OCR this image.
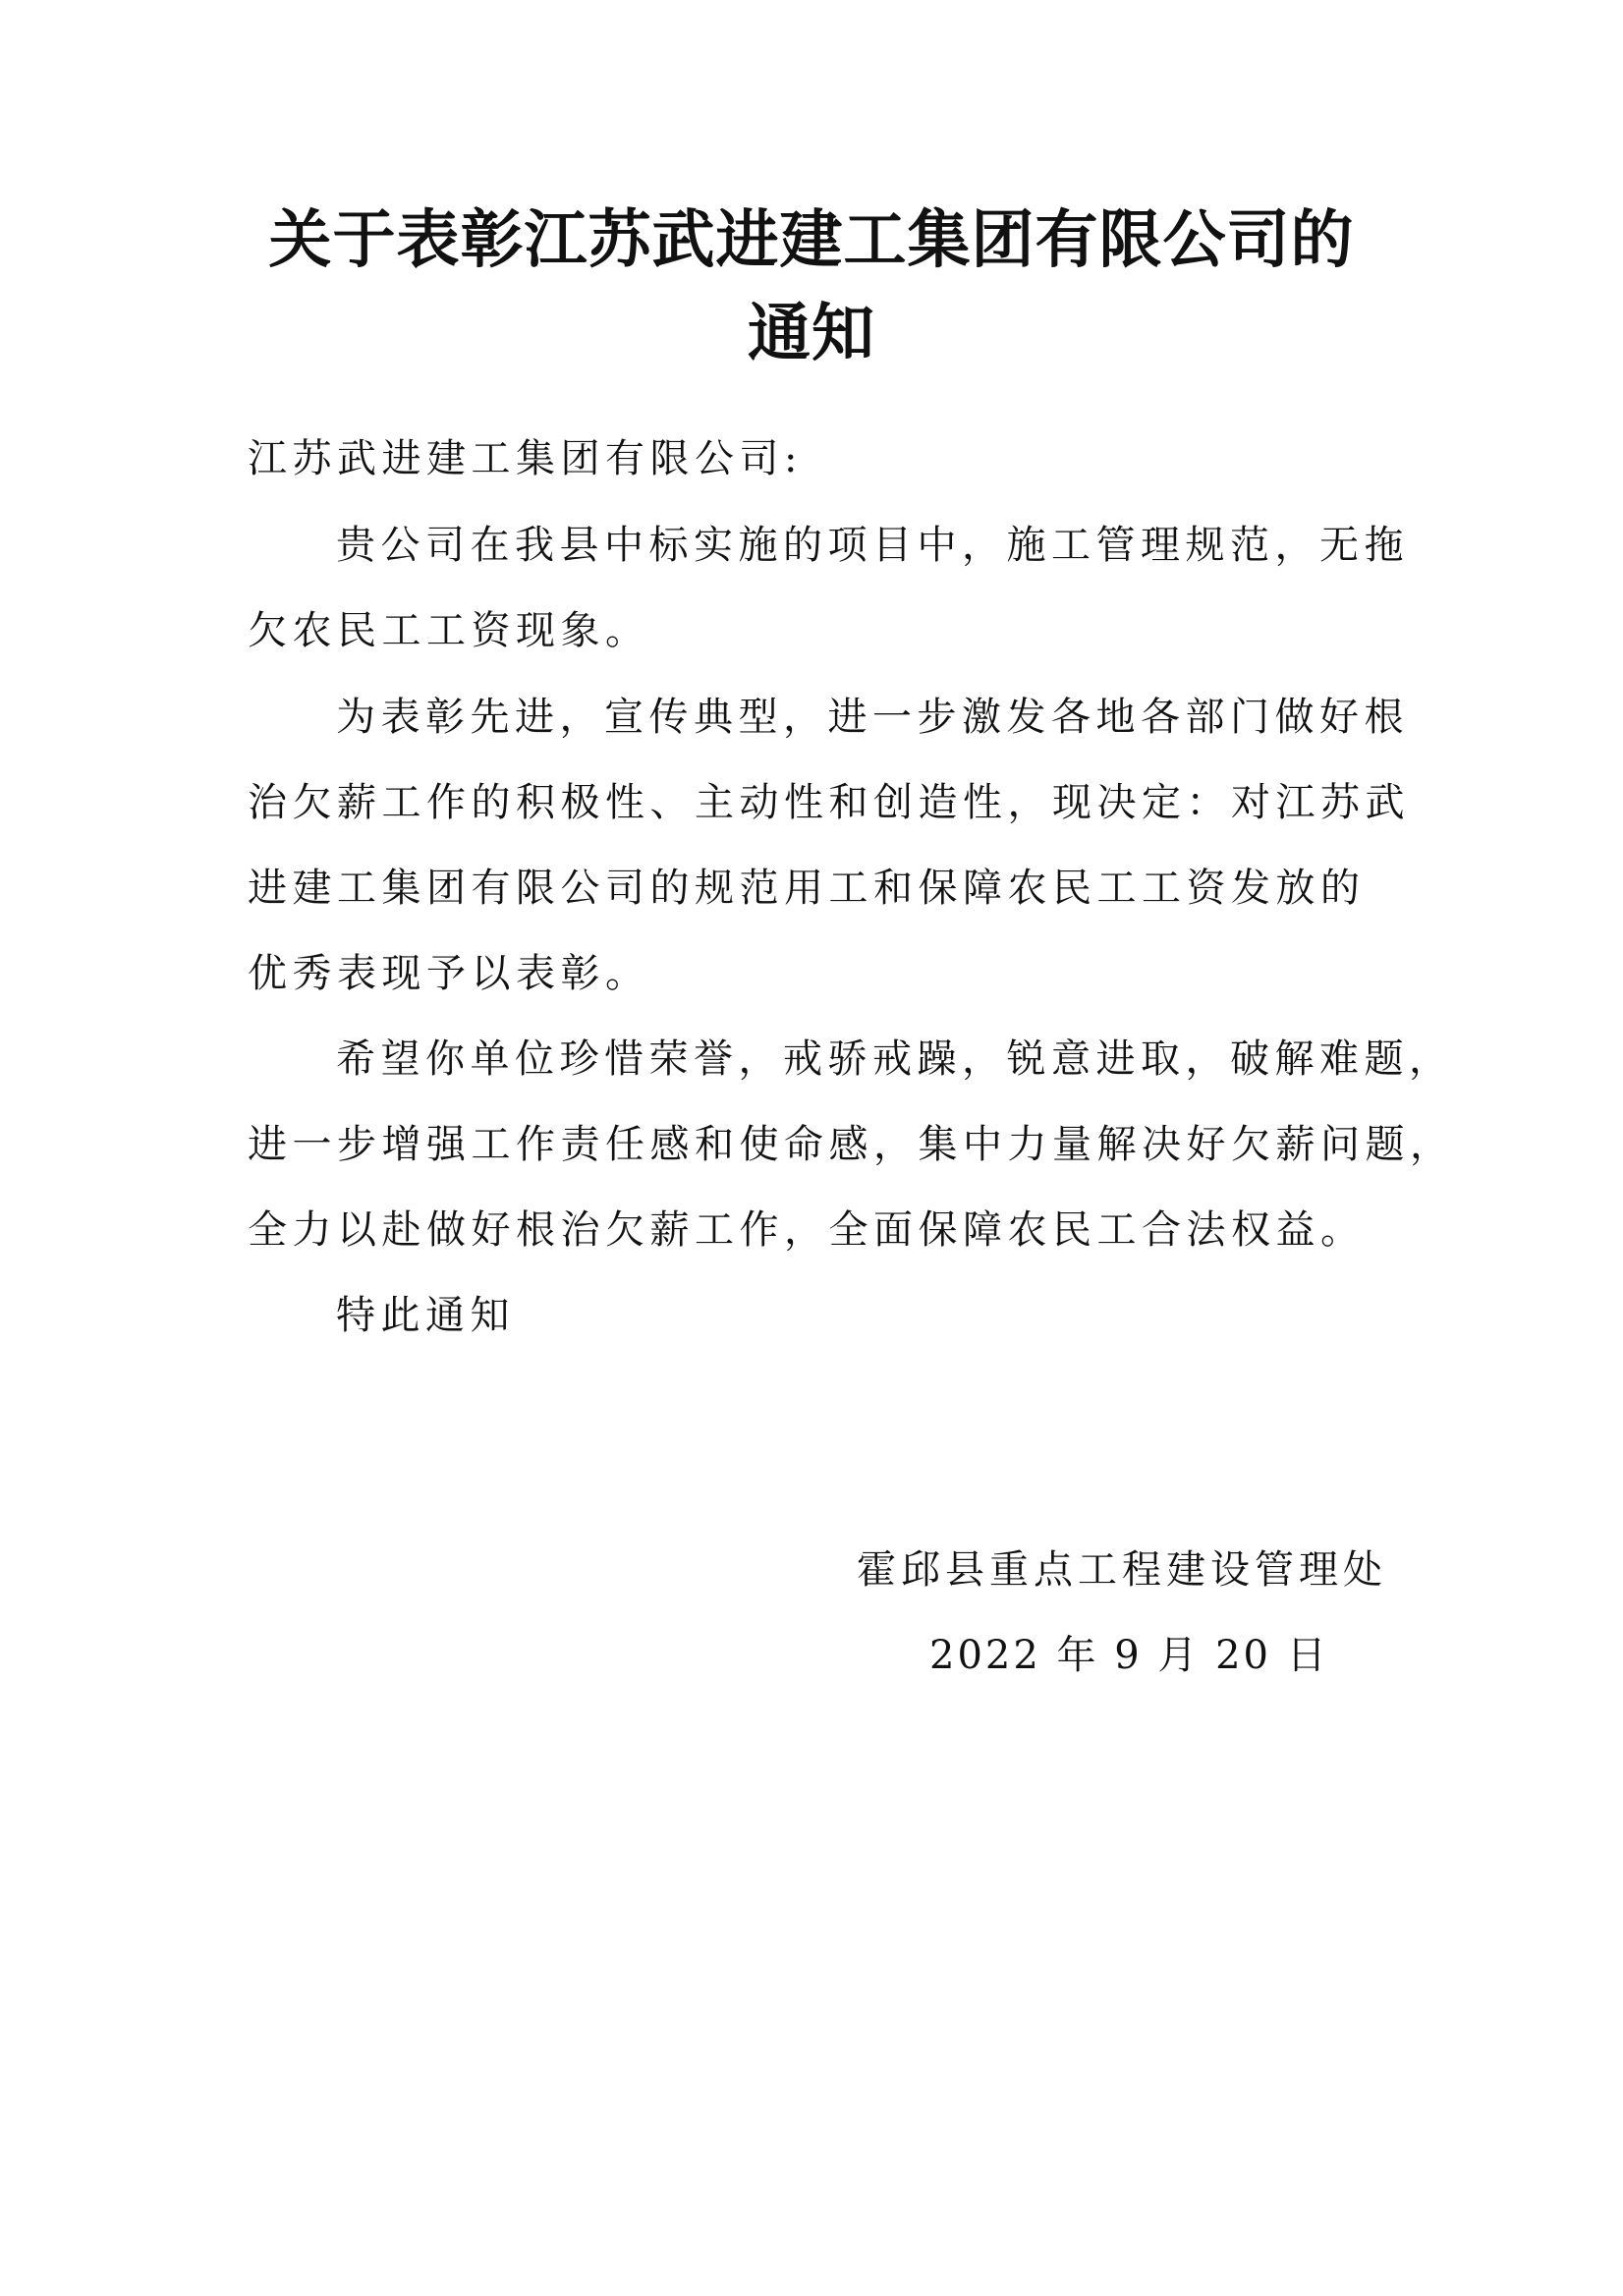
关于表彰江苏武进建工集团有限公司的
通知
江苏武进建工集团有限公司:
贵公司在我县中标实施的项目中，施工管理规范，无拖
欠农民工工资现象。
为表彰先进，宣传典型，进一步激发各地各部门做好根
治欠薪工作的积极性、主动性和创造性，现决定：对江苏武
进建工集团有限公司的规范用工和保障农民工工资发放的
优秀表现予以表彰。
希望你单位珍惜荣誉，戒骄戒躁，锐意进取，破解难题，
进一步增强工作责任感和使命感，集中力量解决好欠薪问题，
全力以赴做好根治欠薪工作，全面保障农民工合法权益。
特此通知
霍邱县重点工程建设管理处
2022 年 9 月 20 日
